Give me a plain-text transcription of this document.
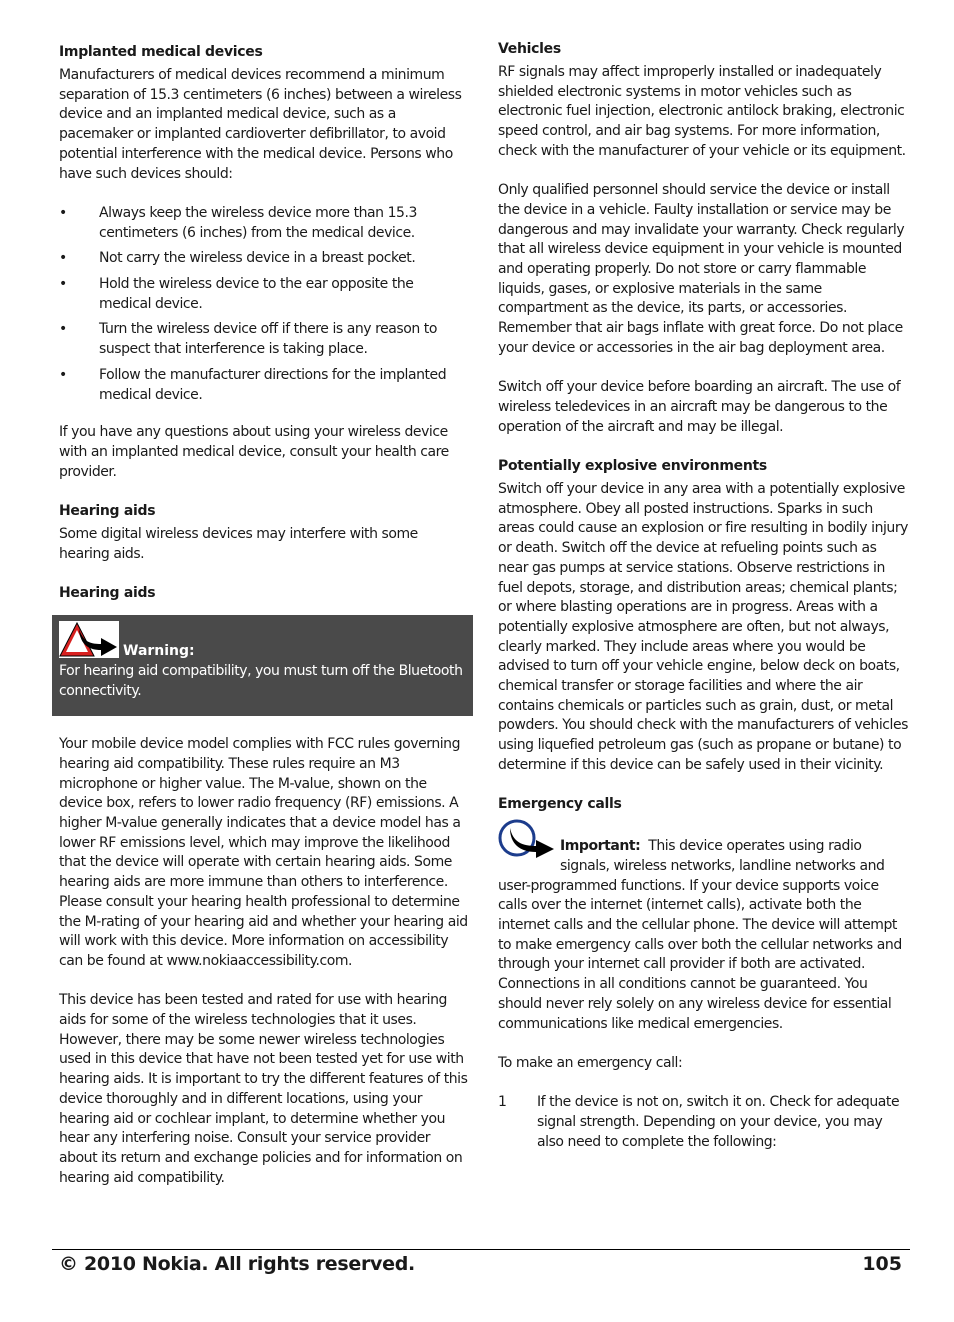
Implanted medical devices

Manufacturers of medical devices recommend a minimum separation of 15.3 centimeters (6 inches) between a wireless device and an implanted medical device, such as a pacemaker or implanted cardioverter defibrillator, to avoid potential interference with the medical device. Persons who have such devices should:

• Always keep the wireless device more than 15.3 centimeters (6 inches) from the medical device.
• Not carry the wireless device in a breast pocket.
• Hold the wireless device to the ear opposite the medical device.
• Turn the wireless device off if there is any reason to suspect that interference is taking place.
• Follow the manufacturer directions for the implanted medical device.

If you have any questions about using your wireless device with an implanted medical device, consult your health care provider.

Hearing aids

Some digital wireless devices may interfere with some hearing aids.

Hearing aids
Warning:

For hearing aid compatibility, you must turn off the Bluetooth connectivity.

Your mobile device model complies with FCC rules governing hearing aid compatibility. These rules require an M3 microphone or higher value. The M-value, shown on the device box, refers to lower radio frequency (RF) emissions. A higher M-value generally indicates that a device model has a lower RF emissions level, which may improve the likelihood that the device will operate with certain hearing aids. Some hearing aids are more immune than others to interference. Please consult your hearing health professional to determine the M-rating of your hearing aid and whether your hearing aid will work with this device. More information on accessibility can be found at www.nokiaaccessibility.com.

This device has been tested and rated for use with hearing aids for some of the wireless technologies that it uses. However, there may be some newer wireless technologies used in this device that have not been tested yet for use with hearing aids. It is important to try the different features of this device thoroughly and in different locations, using your hearing aid or cochlear implant, to determine whether you hear any interfering noise. Consult your service provider about its return and exchange policies and for information on hearing aid compatibility.

Vehicles

RF signals may affect improperly installed or inadequately shielded electronic systems in motor vehicles such as electronic fuel injection, electronic antilock braking, electronic speed control, and air bag systems. For more information, check with the manufacturer of your vehicle or its equipment.

Only qualified personnel should service the device or install the device in a vehicle. Faulty installation or service may be dangerous and may invalidate your warranty. Check regularly that all wireless device equipment in your vehicle is mounted and operating properly. Do not store or carry flammable liquids, gases, or explosive materials in the same compartment as the device, its parts, or accessories. Remember that air bags inflate with great force. Do not place your device or accessories in the air bag deployment area.

Switch off your device before boarding an aircraft. The use of wireless teledevices in an aircraft may be dangerous to the operation of the aircraft and may be illegal.

Potentially explosive environments

Switch off your device in any area with a potentially explosive atmosphere. Obey all posted instructions. Sparks in such areas could cause an explosion or fire resulting in bodily injury or death. Switch off the device at refueling points such as near gas pumps at service stations. Observe restrictions in fuel depots, storage, and distribution areas; chemical plants; or where blasting operations are in progress. Areas with a potentially explosive atmosphere are often, but not always, clearly marked. They include areas where you would be advised to turn off your vehicle engine, below deck on boats, chemical transfer or storage facilities and where the air contains chemicals or particles such as grain, dust, or metal powders. You should check with the manufacturers of vehicles using liquefied petroleum gas (such as propane or butane) to determine if this device can be safely used in their vicinity.

Emergency calls

Important: This device operates using radio signals, wireless networks, landline networks and user-programmed functions. If your device supports voice calls over the internet (internet calls), activate both the internet calls and the cellular phone. The device will attempt to make emergency calls over both the cellular networks and through your internet call provider if both are activated. Connections in all conditions cannot be guaranteed. You should never rely solely on any wireless device for essential communications like medical emergencies.

To make an emergency call:

1 If the device is not on, switch it on. Check for adequate signal strength. Depending on your device, you may also need to complete the following:
© 2010 Nokia. All rights reserved.	105
